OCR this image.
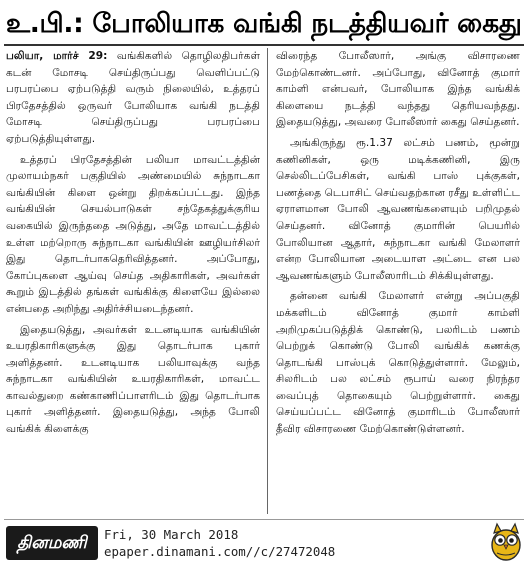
உ.பி.: போலியாக வங்கி நடத்தியவர் கைது

பலியா, மார்ச் 29: வங்கிகளில் தொழிலதிபர்கள் கடன் மோசடி செய்திருப்பது வெளிப்பட்டு பரபரப்பை ஏற்படுத்தி வரும் நிலையில், உத்தரப் பிரதேசத்தில் ஒருவர் போலியாக வங்கி நடத்தி மோசடி செய்திருப்பது பரபரப்பை ஏற்படுத்தியுள்ளது.

உத்தரப் பிரதேசத்தின் பலியா மாவட்டத்தின் முலாயம்நகர் பகுதியில் அண்மையில் சுந்நாடகா வங்கியின் கிளை ஒன்று திறக்கப்பட்டது. இந்த வங்கியின் செயல்பாடுகள் சந்தேகத்துக்குரிய வகையில் இருந்ததை அடுத்து, அதே மாவட்டத்தில் உள்ள மற்றொரு சுந்நாடகா வங்கியின் ஊழியர்சிலர் இது தொடர்பாகதெரிவித்தனர். அப்போது, கோப்புகளை ஆய்வு செய்த அதிகாரிகள், அவர்கள் கூறும் இடத்தில் தங்கள் வங்கிக்கு கிளையே இல்லை என்பதை அறிந்து அதிர்ச்சியடைந்தனர்.

இதையடுத்து, அவர்கள் உடனடியாக வங்கியின் உயரதிகாரிகளுக்கு இது தொடர்பாக புகார் அளித்தனர். உடனடியாக பலியாவுக்கு வந்த சுந்நாடகா வங்கியின் உயரதிகாரிகள், மாவட்ட காவல்துறை கண்காணிப்பாளரிடம் இது தொடர்பாக புகார் அளித்தனர். இதையடுத்து, அந்த போலி வங்கிக் கிளைக்கு

விரைந்த போலீஸார், அங்கு விசாரணை மேற்கொண்டனர். அப்போது, வினோத் குமார் காம்ளி என்பவர், போலியாக இந்த வங்கிக் கிளையை நடத்தி வந்தது தெரியவந்தது. இதையடுத்து, அவரை போலீஸார் கைது செய்தனர்.

அங்கிருந்து ரூ.1.37 லட்சம் பணம், மூன்று கணினிகள், ஒரு மடிக்கணினி, இரு செல்லிடப்பேசிகள், வங்கி பாஸ் புக்குகள், பணத்தை டெபாசிட் செய்வதற்கான ரசீது உள்ளிட்ட ஏராளமான போலி ஆவணங்களையும் பறிமுதல் செய்தனர். வினோத் குமாரின் பெயரில் போலியான ஆதார், சுந்நாடகா வங்கி மேலாளர் என்ற போலியான அடையாள அட்டை என பல ஆவணங்களும் போலீஸாரிடம் சிக்கியுள்ளது.

தன்னை வங்கி மேலாளர் என்று அப்பகுதி மக்களிடம் வினோத் குமார் காம்ளி அறிமுகப்படுத்திக் கொண்டு, பலரிடம் பணம் பெற்றுக் கொண்டு போலி வங்கிக் கணக்கு தொடங்கி பாஸ்புக் கொடுத்துள்ளார். மேலும், சிலரிடம் பல லட்சம் ரூபாய் வரை நிரந்தர வைப்புத் தொகையும் பெற்றுள்ளார். கைது செய்யப்பட்ட வினோத் குமாரிடம் போலீஸார் தீவிர விசாரணை மேற்கொண்டுள்ளனர்.

தினமணி	Fri, 30 March 2018
epaper.dinamani.com//c/27472048
